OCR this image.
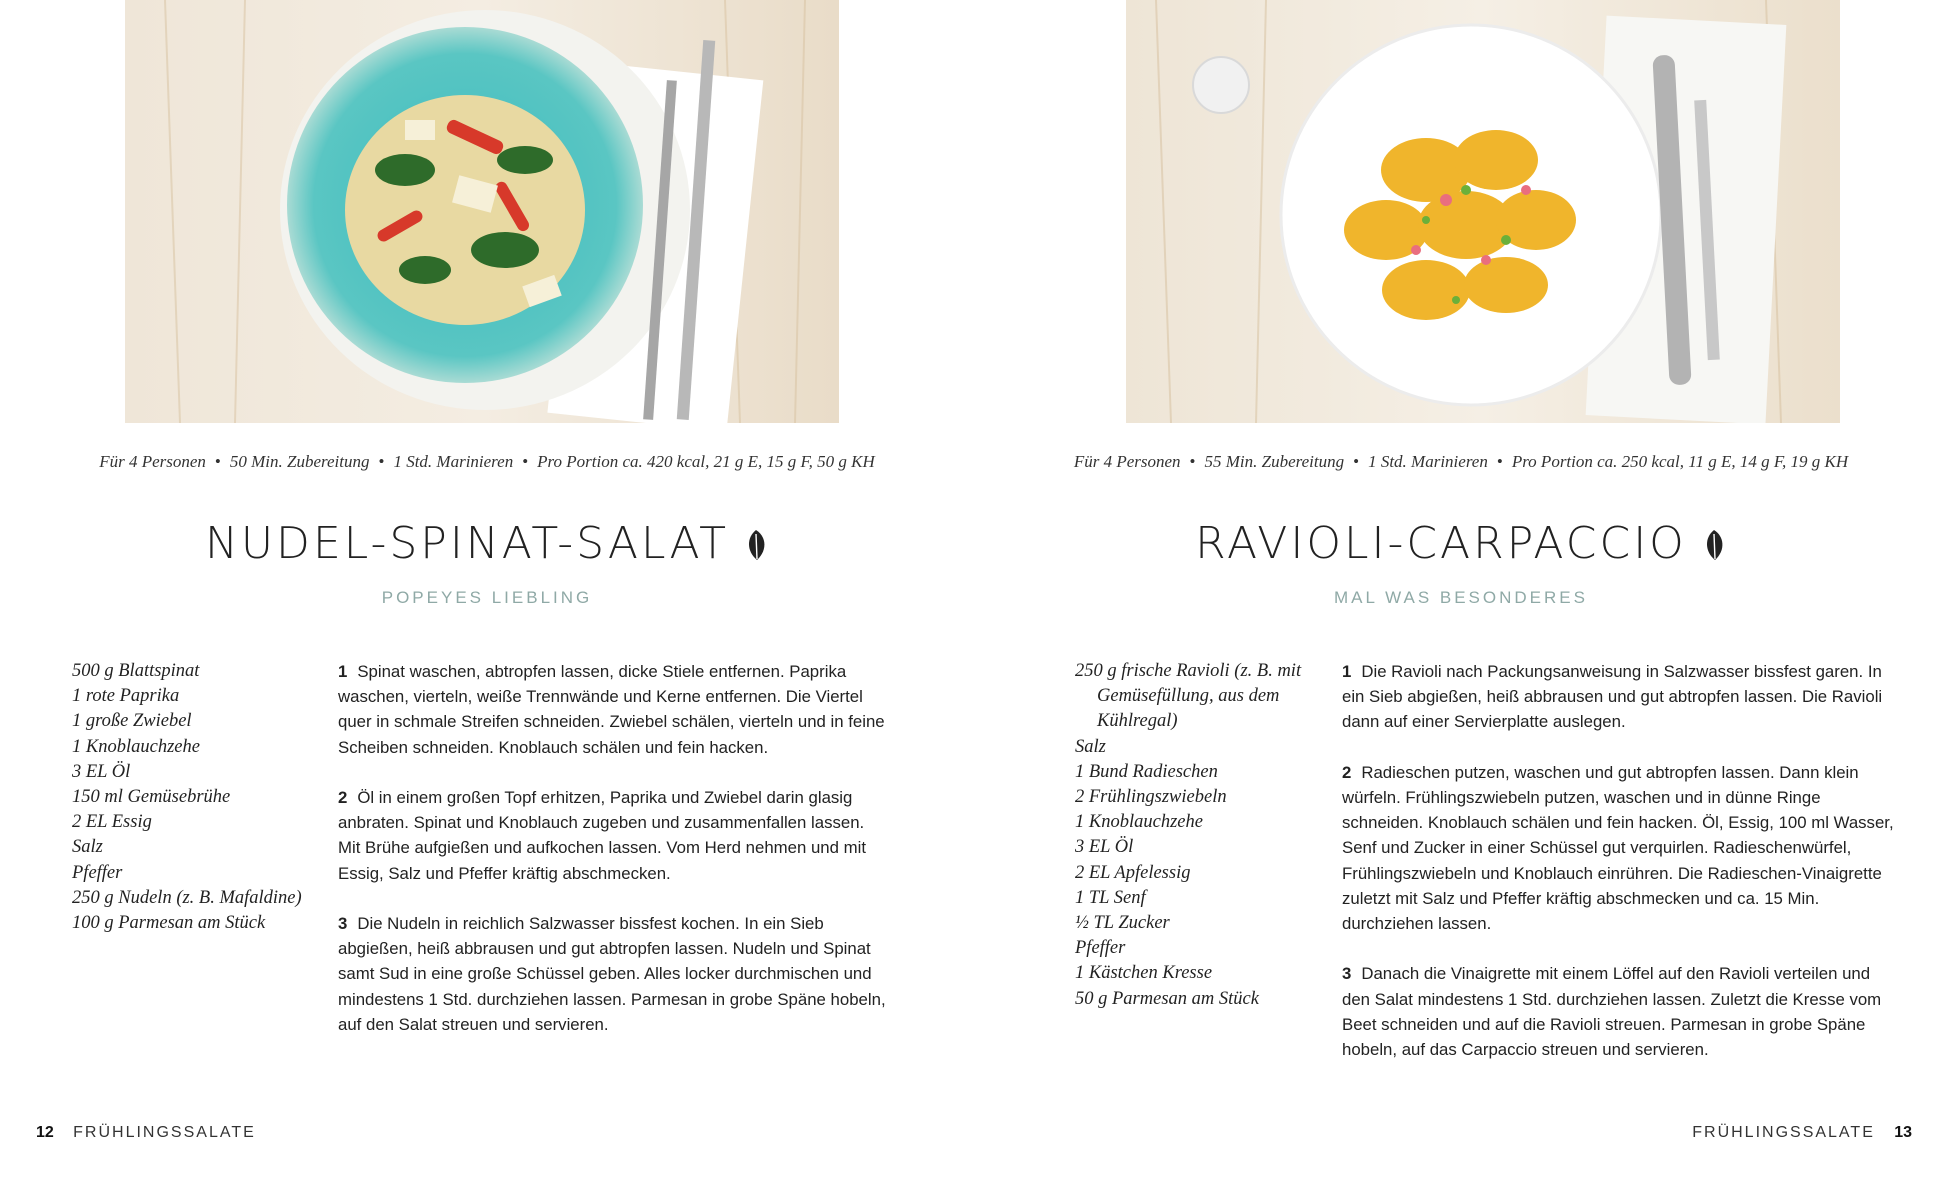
Für 4 Personen • 50 Min. Zubereitung • 1 Std. Marinieren • Pro Portion ca. 420 kcal, 21 g E, 15 g F, 50 g KH
NUDEL-SPINAT-SALAT
POPEYES LIEBLING
500 g Blattspinat
1 rote Paprika
1 große Zwiebel
1 Knoblauchzehe
3 EL Öl
150 ml Gemüsebrühe
2 EL Essig
Salz
Pfeffer
250 g Nudeln (z. B. Mafaldine)
100 g Parmesan am Stück

1 Spinat waschen, abtropfen lassen, dicke Stiele entfernen. Paprika waschen, vierteln, weiße Trennwände und Kerne entfernen. Die Viertel quer in schmale Streifen schneiden. Zwiebel schälen, vierteln und in feine Scheiben schneiden. Knoblauch schälen und fein hacken.

2 Öl in einem großen Topf erhitzen, Paprika und Zwiebel darin glasig anbraten. Spinat und Knoblauch zugeben und zusammenfallen lassen. Mit Brühe aufgießen und aufkochen lassen. Vom Herd nehmen und mit Essig, Salz und Pfeffer kräftig abschmecken.

3 Die Nudeln in reichlich Salzwasser bissfest kochen. In ein Sieb abgießen, heiß abbrausen und gut abtropfen lassen. Nudeln und Spinat samt Sud in eine große Schüssel geben. Alles locker durchmischen und mindestens 1 Std. durchziehen lassen. Parmesan in grobe Späne hobeln, auf den Salat streuen und servieren.

12 FRÜHLINGSSALATE
Für 4 Personen • 55 Min. Zubereitung • 1 Std. Marinieren • Pro Portion ca. 250 kcal, 11 g E, 14 g F, 19 g KH
RAVIOLI-CARPACCIO
MAL WAS BESONDERES
250 g frische Ravioli (z. B. mit Gemüsefüllung, aus dem Kühlregal)
Salz
1 Bund Radieschen
2 Frühlingszwiebeln
1 Knoblauchzehe
3 EL Öl
2 EL Apfelessig
1 TL Senf
½ TL Zucker
Pfeffer
1 Kästchen Kresse
50 g Parmesan am Stück

1 Die Ravioli nach Packungsanweisung in Salzwasser bissfest garen. In ein Sieb abgießen, heiß abbrausen und gut abtropfen lassen. Die Ravioli dann auf einer Servierplatte auslegen.

2 Radieschen putzen, waschen und gut abtropfen lassen. Dann klein würfeln. Frühlingszwiebeln putzen, waschen und in dünne Ringe schneiden. Knoblauch schälen und fein hacken. Öl, Essig, 100 ml Wasser, Senf und Zucker in einer Schüssel gut verquirlen. Radieschenwürfel, Frühlingszwiebeln und Knoblauch einrühren. Die Radieschen-Vinaigrette zuletzt mit Salz und Pfeffer kräftig abschmecken und ca. 15 Min. durchziehen lassen.

3 Danach die Vinaigrette mit einem Löffel auf den Ravioli verteilen und den Salat mindestens 1 Std. durchziehen lassen. Zuletzt die Kresse vom Beet schneiden und auf die Ravioli streuen. Parmesan in grobe Späne hobeln, auf das Carpaccio streuen und servieren.

FRÜHLINGSSALATE 13
